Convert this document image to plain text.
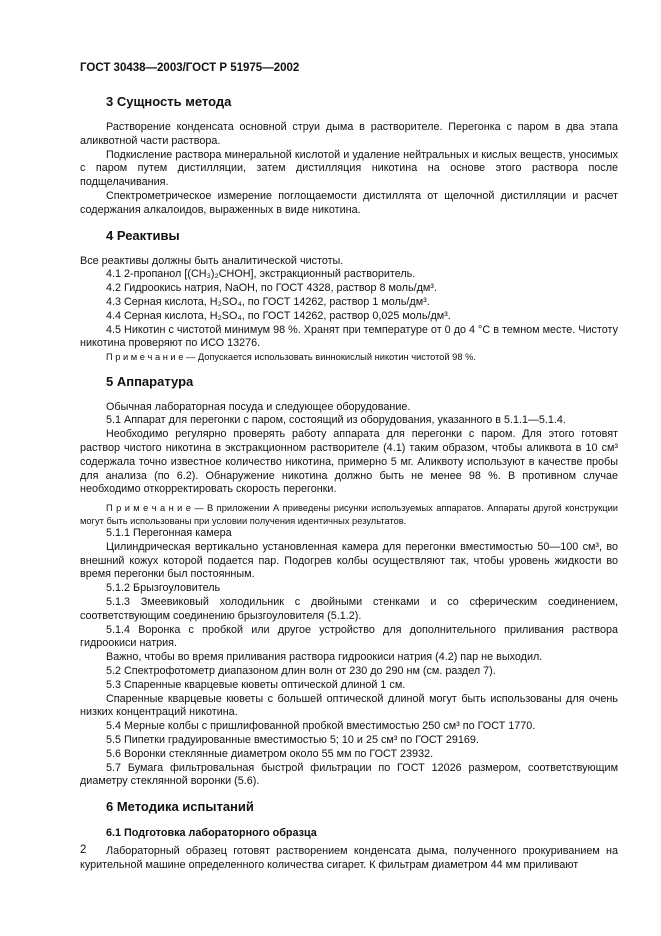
ГОСТ 30438—2003/ГОСТ Р 51975—2002
3 Сущность метода

Растворение конденсата основной струи дыма в растворителе. Перегонка с паром в два этапа аликвотной части раствора.

Подкисление раствора минеральной кислотой и удаление нейтральных и кислых веществ, уносимых с паром путем дистилляции, затем дистилляция никотина на основе этого раствора после подщелачивания.

Спектрометрическое измерение поглощаемости дистиллята от щелочной дистилляции и расчет содержания алкалоидов, выраженных в виде никотина.

4 Реактивы

Все реактивы должны быть аналитической чистоты.

4.1 2-пропанол [(CH₃)₂CHOH], экстракционный растворитель.

4.2 Гидроокись натрия, NaOH, по ГОСТ 4328, раствор 8 моль/дм³.

4.3 Серная кислота, H₂SO₄, по ГОСТ 14262, раствор 1 моль/дм³.

4.4 Серная кислота, H₂SO₄, по ГОСТ 14262, раствор 0,025 моль/дм³.

4.5 Никотин с чистотой минимум 98 %. Хранят при температуре от 0 до 4 °С в темном месте. Чистоту никотина проверяют по ИСО 13276.

П р и м е ч а н и е — Допускается использовать виннокислый никотин чистотой 98 %.

5 Аппаратура

Обычная лабораторная посуда и следующее оборудование.

5.1 Аппарат для перегонки с паром, состоящий из оборудования, указанного в 5.1.1—5.1.4.

Необходимо регулярно проверять работу аппарата для перегонки с паром. Для этого готовят раствор чистого никотина в экстракционном растворителе (4.1) таким образом, чтобы аликвота в 10 см³ содержала точно известное количество никотина, примерно 5 мг. Аликвоту используют в качестве пробы для анализа (по 6.2). Обнаружение никотина должно быть не менее 98 %. В противном случае необходимо откорректировать скорость перегонки.

П р и м е ч а н и е — В приложении А приведены рисунки используемых аппаратов. Аппараты другой конструкции могут быть использованы при условии получения идентичных результатов.

5.1.1 Перегонная камера

Цилиндрическая вертикально установленная камера для перегонки вместимостью 50—100 см³, во внешний кожух которой подается пар. Подогрев колбы осуществляют так, чтобы уровень жидкости во время перегонки был постоянным.

5.1.2 Брызгоуловитель

5.1.3 Змеевиковый холодильник с двойными стенками и со сферическим соединением, соответствующим соединению брызгоуловителя (5.1.2).

5.1.4 Воронка с пробкой или другое устройство для дополнительного приливания раствора гидроокиси натрия.

Важно, чтобы во время приливания раствора гидроокиси натрия (4.2) пар не выходил.

5.2 Спектрофотометр диапазоном длин волн от 230 до 290 нм (см. раздел 7).

5.3 Спаренные кварцевые кюветы оптической длиной 1 см.

Спаренные кварцевые кюветы с большей оптической длиной могут быть использованы для очень низких концентраций никотина.

5.4 Мерные колбы с пришлифованной пробкой вместимостью 250 см³ по ГОСТ 1770.

5.5 Пипетки градуированные вместимостью 5; 10 и 25 см³ по ГОСТ 29169.

5.6 Воронки стеклянные диаметром около 55 мм по ГОСТ 23932.

5.7 Бумага фильтровальная быстрой фильтрации по ГОСТ 12026 размером, соответствующим диаметру стеклянной воронки (5.6).

6 Методика испытаний
6.1 Подготовка лабораторного образца

Лабораторный образец готовят растворением конденсата дыма, полученного прокуриванием на курительной машине определенного количества сигарет. К фильтрам диаметром 44 мм приливают

2
